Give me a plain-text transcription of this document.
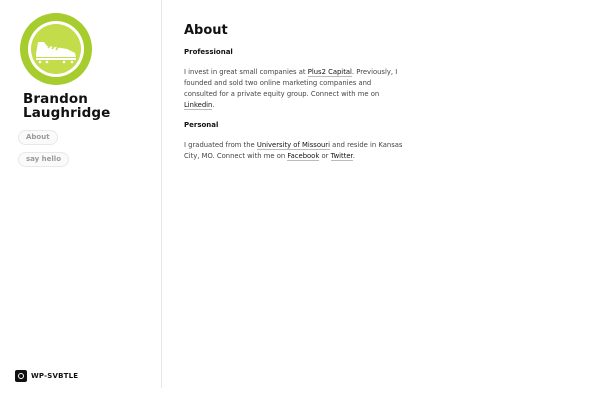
Brandon Laughridge
About
say hello
WP-SVBTLE
About
Professional

I invest in great small companies at Plus2 Capital. Previously, I founded and sold two online marketing companies and consulted for a private equity group. Connect with me on Linkedin.

Personal

I graduated from the University of Missouri and reside in Kansas City, MO. Connect with me on Facebook or Twitter.
